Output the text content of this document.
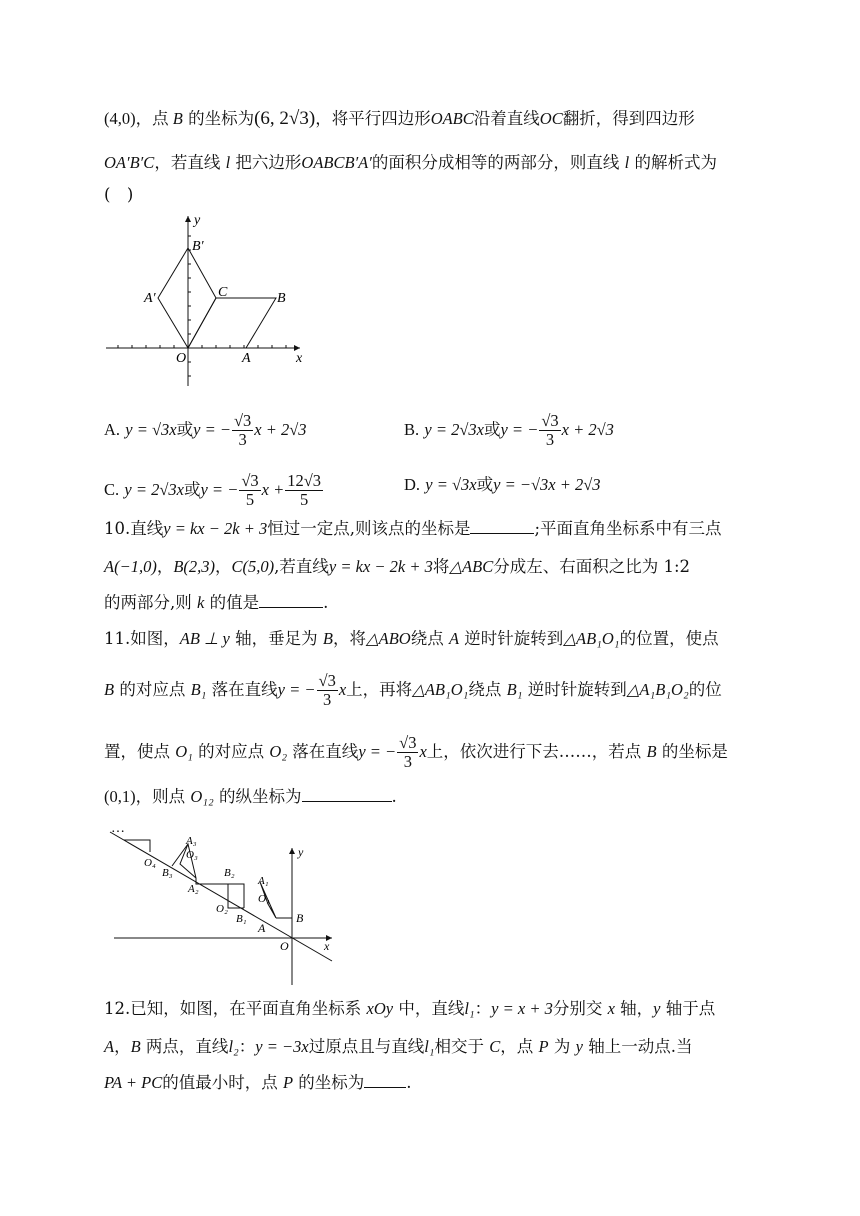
(4,0)，点 B 的坐标为(6, 2√3)，将平行四边形OABC沿着直线OC翻折，得到四边形
OA′B′C，若直线 l 把六边形OABCB′A′的面积分成相等的两部分，则直线 l 的解析式为
(　)
y
x
O	A
B
C
A′
B′
A. y = √3x或y = − $\frac{√3}{3}$ x + 2√3	B. y = 2√3x或y = − $\frac{√3}{3}$ x + 2√3
C. y = 2√3x或y = − $\frac{√3}{5}$ $x + \frac{12√3}{5}$	D. y = √3x或y = −√3x + 2√3
10.直线y = kx − 2k + 3恒过一定点,则该点的坐标是	;平面直角坐标系中有三点
A(−1,0)，B(2,3)，C(5,0),若直线y = kx − 2k + 3将△ABC分成左、右面积之比为 1:2
的两部分,则 k 的值是	.
11.如图，AB ⊥ y 轴，垂足为 B，将△ABO绕点 A 逆时针旋转到△AB₁O₁的位置，使点
B 的对应点 B₁ 落在直线y = − $\frac{√3}{3}$ x上，再将△AB₁O₁绕点 B₁ 逆时针旋转到△A₁B₁O₂的位
置，使点 O₁ 的对应点 O₂ 落在直线y = − $\frac{√3}{3}$ x上，依次进行下去……，若点 B 的坐标是
(0,1)，则点 O₁₂ 的纵坐标为	.
…
y
x
O
A
B
A₁
O₁
B₁
A₂
O₂
B₂
A₃
O₃
B₃
O₄
12.已知，如图，在平面直角坐标系 xOy 中，直线l₁：y = x + 3分别交 x 轴，y 轴于点
A，B 两点，直线l₂：y = −3x过原点且与直线l₁相交于 C，点 P 为 y 轴上一动点.当
PA + PC的值最小时，点 P 的坐标为	.
